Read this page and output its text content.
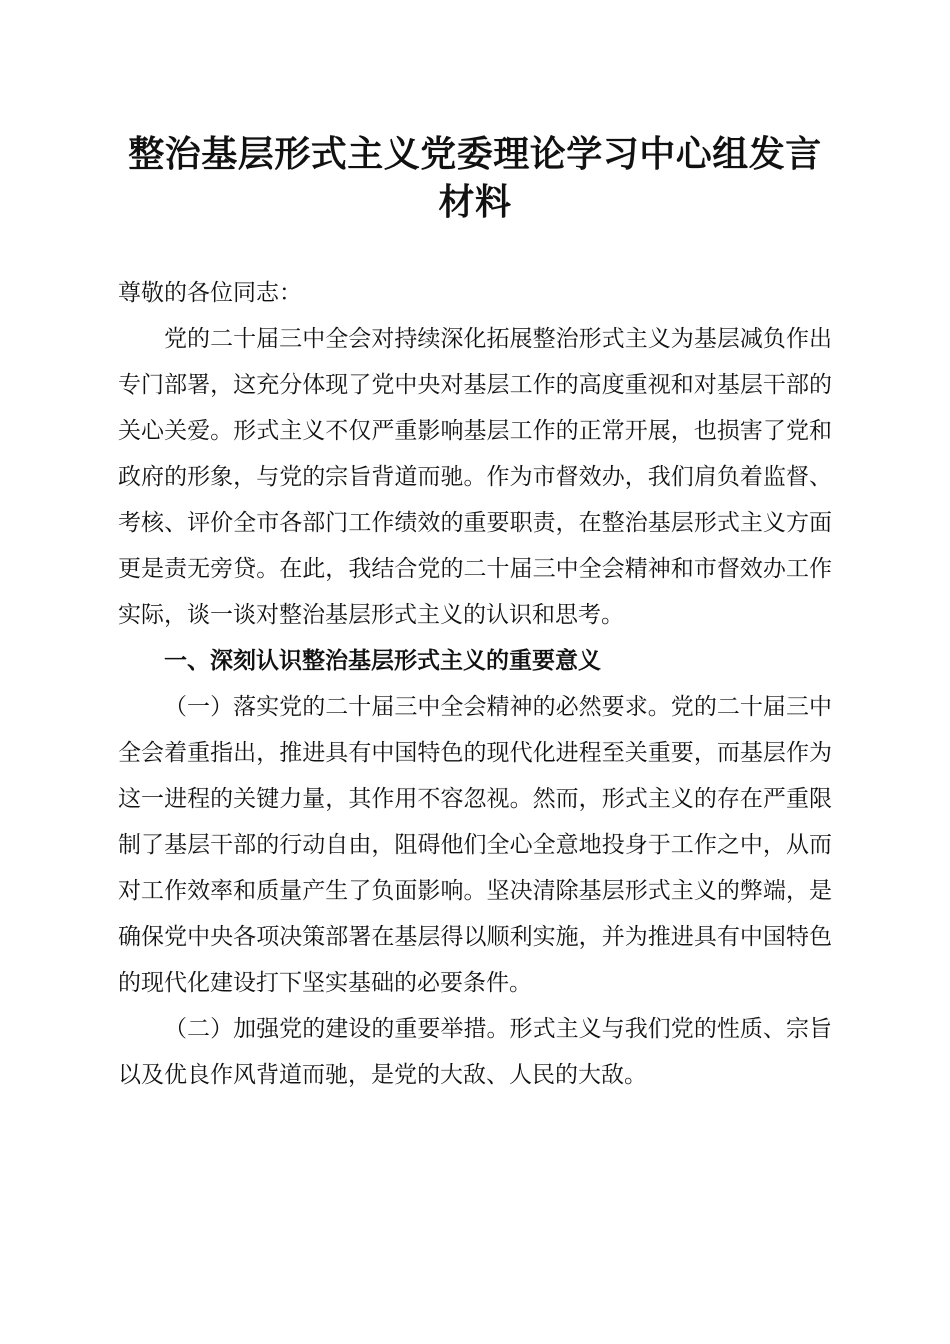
整治基层形式主义党委理论学习中心组发言材料

尊敬的各位同志：

党的二十届三中全会对持续深化拓展整治形式主义为基层减负作出专门部署，这充分体现了党中央对基层工作的高度重视和对基层干部的关心关爱。形式主义不仅严重影响基层工作的正常开展，也损害了党和政府的形象，与党的宗旨背道而驰。作为市督效办，我们肩负着监督、考核、评价全市各部门工作绩效的重要职责，在整治基层形式主义方面更是责无旁贷。在此，我结合党的二十届三中全会精神和市督效办工作实际，谈一谈对整治基层形式主义的认识和思考。

一、深刻认识整治基层形式主义的重要意义

（一）落实党的二十届三中全会精神的必然要求。党的二十届三中全会着重指出，推进具有中国特色的现代化进程至关重要，而基层作为这一进程的关键力量，其作用不容忽视。然而，形式主义的存在严重限制了基层干部的行动自由，阻碍他们全心全意地投身于工作之中，从而对工作效率和质量产生了负面影响。坚决清除基层形式主义的弊端，是确保党中央各项决策部署在基层得以顺利实施，并为推进具有中国特色的现代化建设打下坚实基础的必要条件。

（二）加强党的建设的重要举措。形式主义与我们党的性质、宗旨以及优良作风背道而驰，是党的大敌、人民的大敌。
